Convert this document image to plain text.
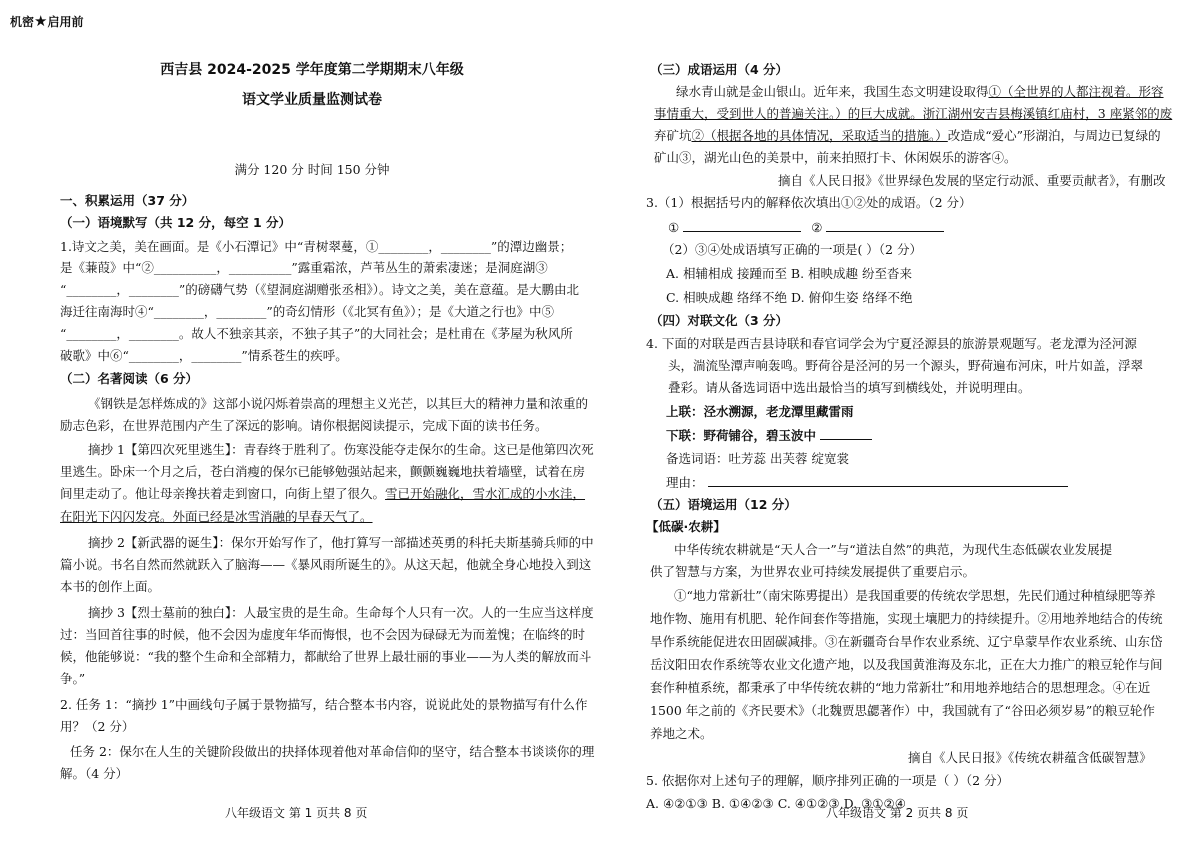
机密★启用前
西吉县 2024-2025 学年度第二学期期末八年级
语文学业质量监测试卷
满分 120 分 时间 150 分钟
一、积累运用（37 分）
（一）语境默写（共 12 分，每空 1 分）
1.诗文之美，美在画面。是《小石潭记》中“青树翠蔓，①________，________”的潭边幽景；
是《蒹葭》中“②__________，__________”露重霜浓，芦苇丛生的萧索凄迷；是洞庭湖③
“________，________”的磅礴气势（《望洞庭湖赠张丞相》）。诗文之美，美在意蕴。是大鹏由北
海迁往南海时④“________，________”的奇幻情形（《北冥有鱼》）；是《大道之行也》中⑤
“________，________。故人不独亲其亲，不独子其子”的大同社会；是杜甫在《茅屋为秋风所
破歌》中⑥“________，________”情系苍生的疾呼。
（二）名著阅读（6 分）
《钢铁是怎样炼成的》这部小说闪烁着崇高的理想主义光芒，以其巨大的精神力量和浓重的
励志色彩，在世界范围内产生了深远的影响。请你根据阅读提示，完成下面的读书任务。
摘抄 1【第四次死里逃生】：青春终于胜利了。伤寒没能夺走保尔的生命。这已是他第四次死
里逃生。卧床一个月之后，苍白消瘦的保尔已能够勉强站起来，颤颤巍巍地扶着墙壁，试着在房
间里走动了。他让母亲搀扶着走到窗口，向街上望了很久。雪已开始融化，雪水汇成的小水洼，
在阳光下闪闪发亮。外面已经是冰雪消融的早春天气了。
摘抄 2【新武器的诞生】：保尔开始写作了，他打算写一部描述英勇的科托夫斯基骑兵师的中
篇小说。书名自然而然就跃入了脑海——《暴风雨所诞生的》。从这天起，他就全身心地投入到这
本书的创作上面。
摘抄 3【烈士墓前的独白】：人最宝贵的是生命。生命每个人只有一次。人的一生应当这样度
过：当回首往事的时候，他不会因为虚度年华而悔恨，也不会因为碌碌无为而羞愧；在临终的时
候，他能够说：“我的整个生命和全部精力，都献给了世界上最壮丽的事业——为人类的解放而斗
争。”
2. 任务 1：“摘抄 1”中画线句子属于景物描写，结合整本书内容，说说此处的景物描写有什么作
用？（2 分）
任务 2：保尔在人生的关键阶段做出的抉择体现着他对革命信仰的坚守，结合整本书谈谈你的理
解。（4 分）
（三）成语运用（4 分）
绿水青山就是金山银山。近年来，我国生态文明建设取得①（全世界的人都注视着。形容
事情重大，受到世人的普遍关注。）的巨大成就。浙江湖州安吉县梅溪镇红庙村，3 座紧邻的废
弃矿坑②（根据各地的具体情况，采取适当的措施。）改造成“爱心”形湖泊，与周边已复绿的
矿山③，湖光山色的美景中，前来拍照打卡、休闲娱乐的游客④。
摘自《人民日报》《世界绿色发展的坚定行动派、重要贡献者》，有删改
3.（1）根据括号内的解释依次填出①②处的成语。（2 分）
①	②
（2）③④处成语填写正确的一项是( ）（2 分）
A. 相辅相成 接踵而至 B. 相映成趣 纷至沓来
C. 相映成趣 络绎不绝 D. 俯仰生姿 络绎不绝
（四）对联文化（3 分）
4. 下面的对联是西吉县诗联和春官词学会为宁夏泾源县的旅游景观题写。老龙潭为泾河源
头，湍流坠潭声响轰鸣。野荷谷是泾河的另一个源头，野荷遍布河床，叶片如盖，浮翠
叠彩。请从备选词语中选出最恰当的填写到横线处，并说明理由。
上联：泾水溯源，老龙潭里藏雷雨
下联：野荷铺谷，碧玉波中
备选词语：吐芳蕊 出芙蓉 绽宽裳
理由：
（五）语境运用（12 分）
【低碳·农耕】
中华传统农耕就是“天人合一”与“道法自然”的典范，为现代生态低碳农业发展提
供了智慧与方案，为世界农业可持续发展提供了重要启示。
①“地力常新壮”（南宋陈旉提出）是我国重要的传统农学思想，先民们通过种植绿肥等养
地作物、施用有机肥、轮作间套作等措施，实现土壤肥力的持续提升。②用地养地结合的传统
旱作系统能促进农田固碳减排。③在新疆奇台旱作农业系统、辽宁阜蒙旱作农业系统、山东岱
岳汶阳田农作系统等农业文化遗产地，以及我国黄淮海及东北，正在大力推广的粮豆轮作与间
套作种植系统，都秉承了中华传统农耕的“地力常新壮”和用地养地结合的思想理念。④在近
1500 年之前的《齐民要术》（北魏贾思勰著作）中，我国就有了“谷田必须岁易”的粮豆轮作
养地之术。
摘自《人民日报》《传统农耕蕴含低碳智慧》
5. 依据你对上述句子的理解，顺序排列正确的一项是（ ）（2 分）
A. ④②①③ B. ①④②③ C. ④①②③ D. ③①②④
八年级语文 第 1 页共 8 页	八年级语文 第 2 页共 8 页
